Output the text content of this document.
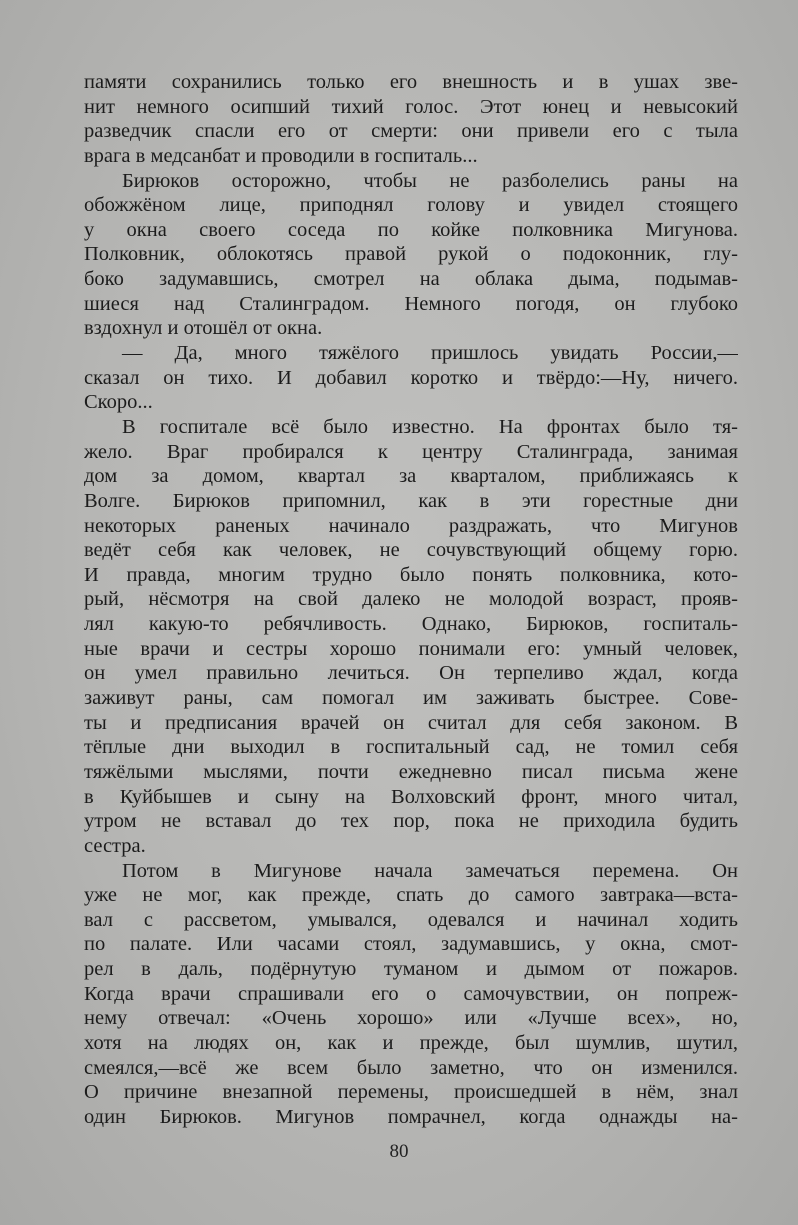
памяти сохранились только его внешность и в ушах зве-
нит немного осипший тихий голос. Этот юнец и невысокий
разведчик спасли его от смерти: они привели его с тыла
врага в медсанбат и проводили в госпиталь...
Бирюков осторожно, чтобы не разболелись раны на
обожжёном лице, приподнял голову и увидел стоящего
у окна своего соседа по койке полковника Мигунова.
Полковник, облокотясь правой рукой о подоконник, глу-
боко задумавшись, смотрел на облака дыма, подымав-
шиеся над Сталинградом. Немного погодя, он глубоко
вздохнул и отошёл от окна.
— Да, много тяжёлого пришлось увидать России,—
сказал он тихо. И добавил коротко и твёрдо:—Ну, ничего.
Скоро...
В госпитале всё было известно. На фронтах было тя-
жело. Враг пробирался к центру Сталинграда, занимая
дом за домом, квартал за кварталом, приближаясь к
Волге. Бирюков припомнил, как в эти горестные дни
некоторых раненых начинало раздражать, что Мигунов
ведёт себя как человек, не сочувствующий общему горю.
И правда, многим трудно было понять полковника, кото-
рый, нёсмотря на свой далеко не молодой возраст, прояв-
лял какую-то ребячливость. Однако, Бирюков, госпиталь-
ные врачи и сестры хорошо понимали его: умный человек,
он умел правильно лечиться. Он терпеливо ждал, когда
заживут раны, сам помогал им заживать быстрее. Сове-
ты и предписания врачей он считал для себя законом. В
тёплые дни выходил в госпитальный сад, не томил себя
тяжёлыми мыслями, почти ежедневно писал письма жене
в Куйбышев и сыну на Волховский фронт, много читал,
утром не вставал до тех пор, пока не приходила будить
сестра.
Потом в Мигунове начала замечаться перемена. Он
уже не мог, как прежде, спать до самого завтрака—вста-
вал с рассветом, умывался, одевался и начинал ходить
по палате. Или часами стоял, задумавшись, у окна, смот-
рел в даль, подёрнутую туманом и дымом от пожаров.
Когда врачи спрашивали его о самочувствии, он попреж-
нему отвечал: «Очень хорошо» или «Лучше всех», но,
хотя на людях он, как и прежде, был шумлив, шутил,
смеялся,—всё же всем было заметно, что он изменился.
О причине внезапной перемены, происшедшей в нём, знал
один Бирюков. Мигунов помрачнел, когда однажды на-
80
